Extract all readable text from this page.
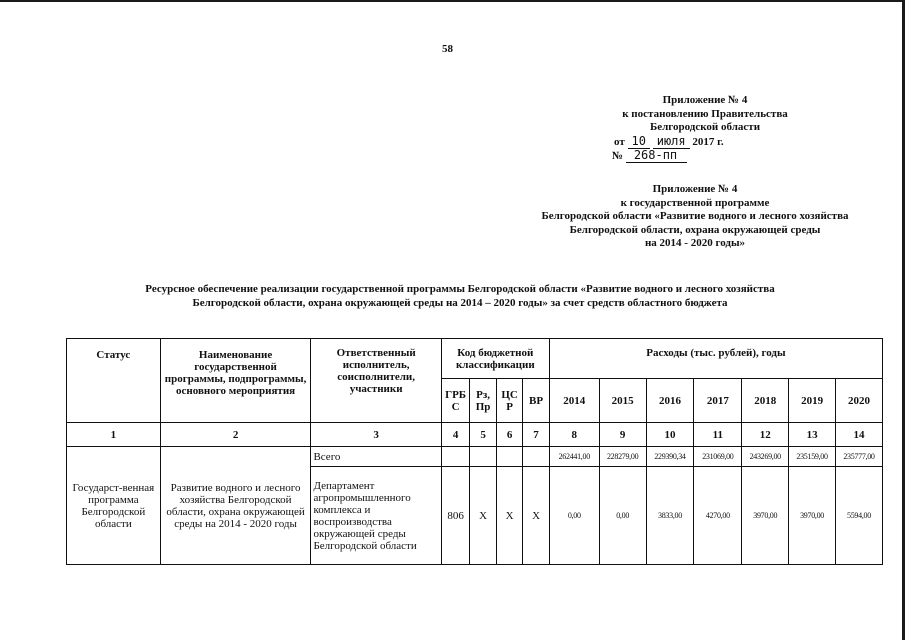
58
Приложение № 4
к постановлению Правительства
Белгородской области
от 10 июля 2017 г.
№ 268-пп
Приложение № 4
к государственной программе
Белгородской области «Развитие водного и лесного хозяйства
Белгородской области, охрана окружающей среды
на 2014 - 2020 годы»
Ресурсное обеспечение реализации государственной программы Белгородской области «Развитие водного и лесного хозяйства
Белгородской области, охрана окружающей среды на 2014 – 2020 годы» за счет средств областного бюджета
Статус	Наименование государственной программы, подпрограммы, основного мероприятия	Ответственный исполнитель, соисполнители, участники	Код бюджетной классификации				Расходы (тыс. рублей), годы						
			ГРБС	Рз, Пр	ЦСР	ВР	2014	2015	2016	2017	2018	2019	2020
1	2	3	4	5	6	7	8	9	10	11	12	13	14
Государст-венная программа Белгородской области	Развитие водного и лесного хозяйства Белгородской области, охрана окружающей среды на 2014 - 2020 годы	Всего					262441,00	228279,00	229390,34	231069,00	243269,00	235159,00	235777,00
		Департамент агропромышленного комплекса и воспроизводства окружающей среды Белгородской области	806	Х	Х	Х	0,00	0,00	3833,00	4270,00	3970,00	3970,00	5594,00
